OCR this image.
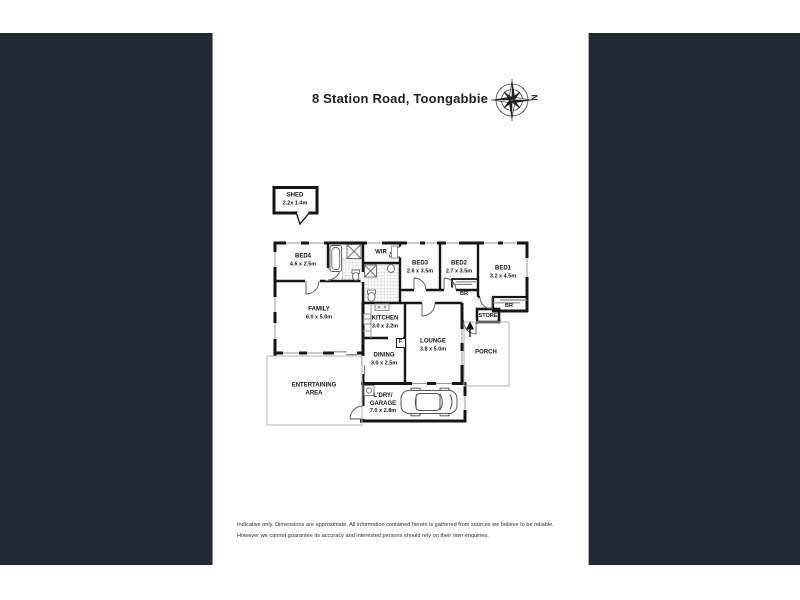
8 Station Road, Toongabbie	N
SHED
2.2x 1.4m
BED4
4.6 x 2.5m
WIR
BED3
2.6 x 3.5m
BED2
2.7 x 3.5m	BED1
3.2 x 4.5m
BR
BR
STORE
FAMILY
6.0 x 5.0m	KITCHEN
3.0 x 3.2m
LOUNGE
3.8 x 5.0m
DINING
3.0 x 2.5m
PORCH
ENTERTAINING
AREA	L'DRY/
GARAGE
7.0 x 2.8m
F
Indicative only. Dimensions are approximate. All information contained herein is gathered from sources we believe to be reliable.
However we cannot guarantee its accuracy and interested persons should rely on their own enquiries.
